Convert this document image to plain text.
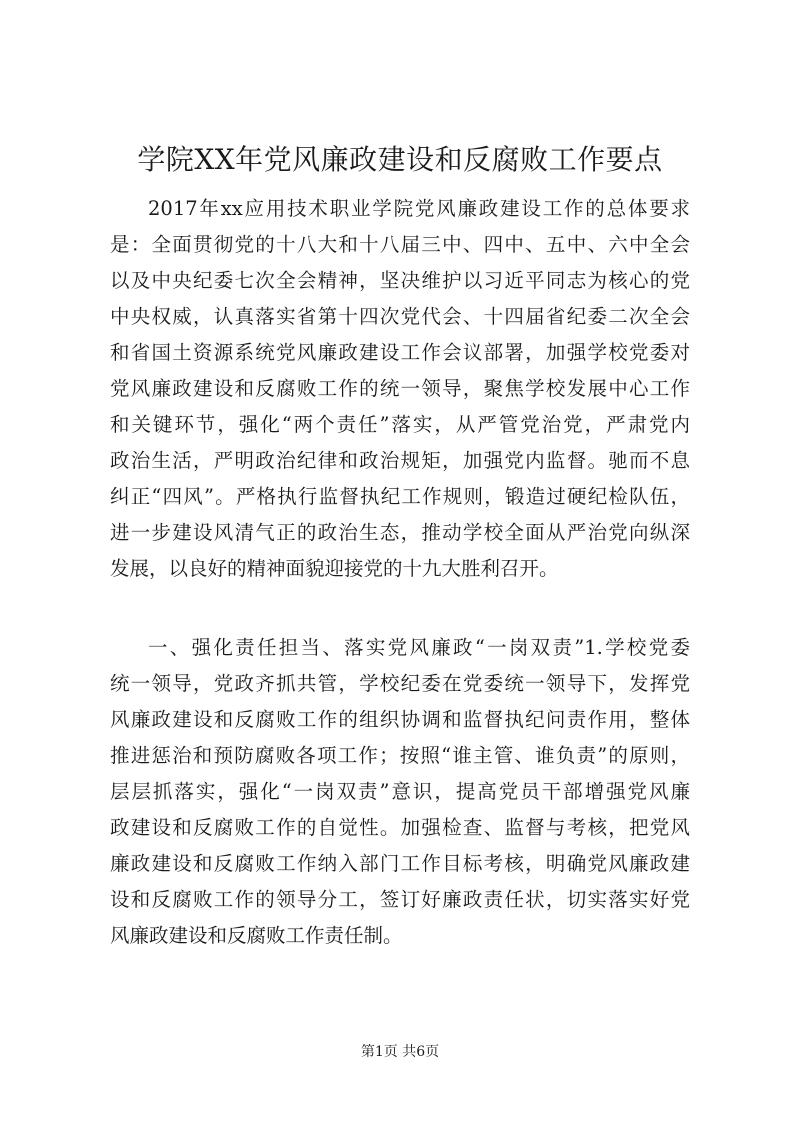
学院XX年党风廉政建设和反腐败工作要点
2017年xx应用技术职业学院党风廉政建设工作的总体要求
是：全面贯彻党的十八大和十八届三中、四中、五中、六中全会
以及中央纪委七次全会精神，坚决维护以习近平同志为核心的党
中央权威，认真落实省第十四次党代会、十四届省纪委二次全会
和省国土资源系统党风廉政建设工作会议部署，加强学校党委对
党风廉政建设和反腐败工作的统一领导，聚焦学校发展中心工作
和关键环节，强化“两个责任”落实，从严管党治党，严肃党内
政治生活，严明政治纪律和政治规矩，加强党内监督。驰而不息
纠正“四风”。严格执行监督执纪工作规则，锻造过硬纪检队伍，
进一步建设风清气正的政治生态，推动学校全面从严治党向纵深
发展，以良好的精神面貌迎接党的十九大胜利召开。
一、强化责任担当、落实党风廉政“一岗双责”1.学校党委
统一领导，党政齐抓共管，学校纪委在党委统一领导下，发挥党
风廉政建设和反腐败工作的组织协调和监督执纪问责作用，整体
推进惩治和预防腐败各项工作；按照“谁主管、谁负责”的原则，
层层抓落实，强化“一岗双责”意识，提高党员干部增强党风廉
政建设和反腐败工作的自觉性。加强检查、监督与考核，把党风
廉政建设和反腐败工作纳入部门工作目标考核，明确党风廉政建
设和反腐败工作的领导分工，签订好廉政责任状，切实落实好党
风廉政建设和反腐败工作责任制。
第1页 共6页
